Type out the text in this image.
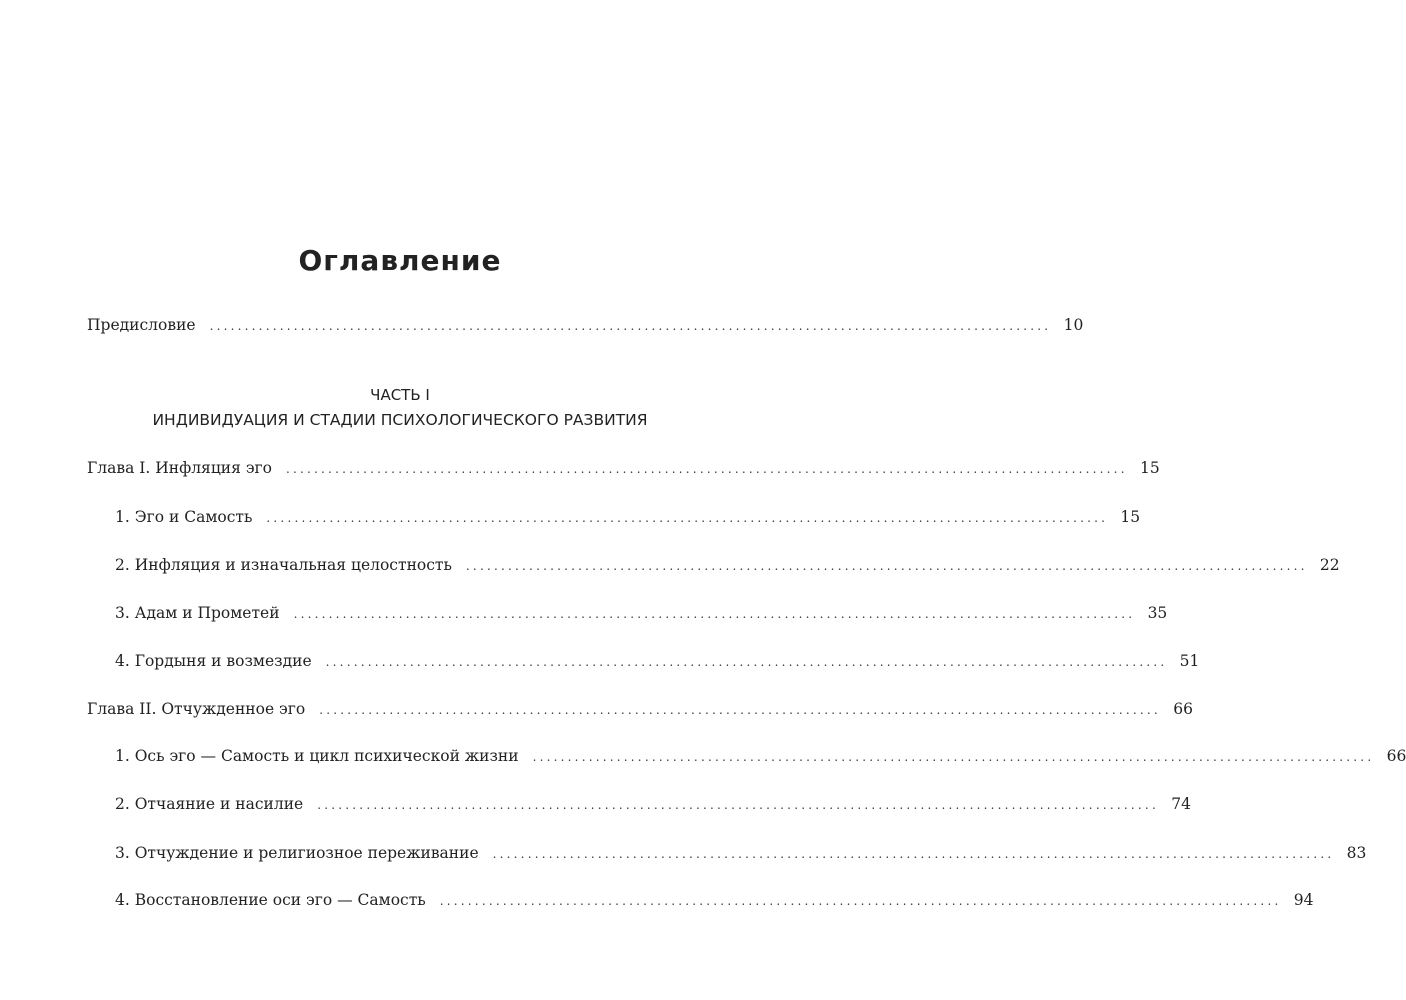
Оглавление
Предисловие ........................................................................................................................ 10
ЧАСТЬ I
ИНДИВИДУАЦИЯ И СТАДИИ ПСИХОЛОГИЧЕСКОГО РАЗВИТИЯ
Глава I. Инфляция эго ........................................................................................................................ 15
1. Эго и Самость ........................................................................................................................ 15
2. Инфляция и изначальная целостность ........................................................................................................................ 22
3. Адам и Прометей ........................................................................................................................ 35
4. Гордыня и возмездие ........................................................................................................................ 51
Глава II. Отчужденное эго ........................................................................................................................ 66
1. Ось эго — Самость и цикл психической жизни ........................................................................................................................ 66
2. Отчаяние и насилие ........................................................................................................................ 74
3. Отчуждение и религиозное переживание ........................................................................................................................ 83
4. Восстановление оси эго — Самость ........................................................................................................................ 94
